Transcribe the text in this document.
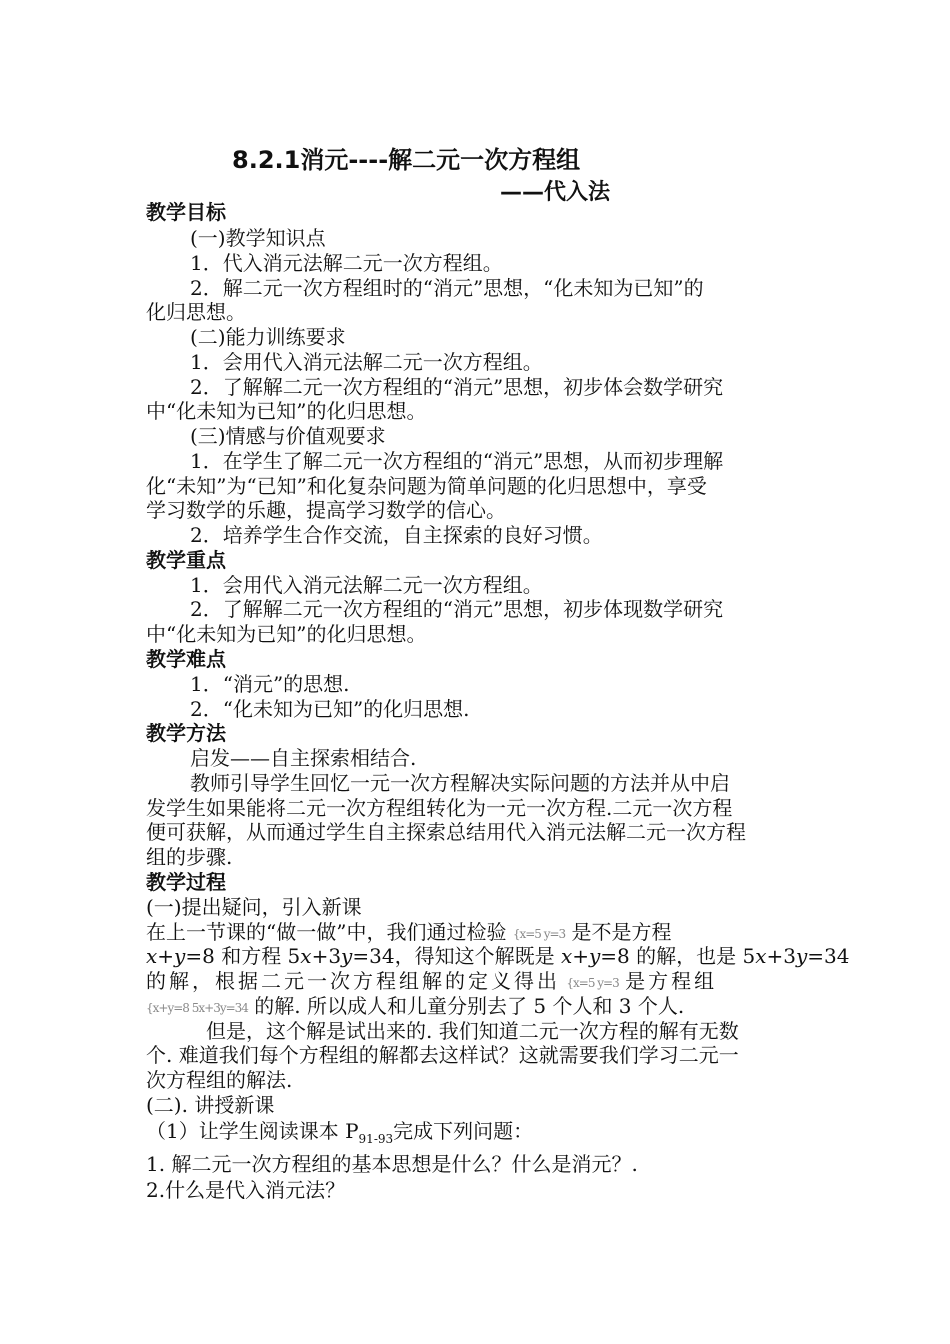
8.2.1消元----解二元一次方程组
——代入法
教学目标
(一)教学知识点
1．代入消元法解二元一次方程组。
2．解二元一次方程组时的“消元”思想，“化未知为已知”的
化归思想。
(二)能力训练要求
1．会用代入消元法解二元一次方程组。
2．了解解二元一次方程组的“消元”思想，初步体会数学研究
中“化未知为已知”的化归思想。
(三)情感与价值观要求
1．在学生了解二元一次方程组的“消元”思想，从而初步理解
化“未知”为“已知”和化复杂问题为简单问题的化归思想中，享受
学习数学的乐趣，提高学习数学的信心。
2．培养学生合作交流，自主探索的良好习惯。
教学重点
1．会用代入消元法解二元一次方程组。
2．了解解二元一次方程组的“消元”思想，初步体现数学研究
中“化未知为已知”的化归思想。
教学难点
1．“消元”的思想.
2．“化未知为已知”的化归思想.
教学方法
启发——自主探索相结合.
教师引导学生回忆一元一次方程解决实际问题的方法并从中启
发学生如果能将二元一次方程组转化为一元一次方程.二元一次方程
便可获解，从而通过学生自主探索总结用代入消元法解二元一次方程
组的步骤.
教学过程
(一)提出疑问，引入新课
在上一节课的“做一做”中，我们通过检验 {x=5 y=3 是不是方程
x+y=8 和方程 5x+3y=34，得知这个解既是 x+y=8 的解，也是 5x+3y=34
的解，根据二元一次方程组解的定义得出 {x=5 y=3 是方程组
{x+y=8 5x+3y=34 的解. 所以成人和儿童分别去了 5 个人和 3 个人.
但是，这个解是试出来的. 我们知道二元一次方程的解有无数
个. 难道我们每个方程组的解都去这样试？这就需要我们学习二元一
次方程组的解法.
(二). 讲授新课
（1）让学生阅读课本 $P_{91-93}$完成下列问题：
1. 解二元一次方程组的基本思想是什么？什么是消元？.
2.什么是代入消元法？
